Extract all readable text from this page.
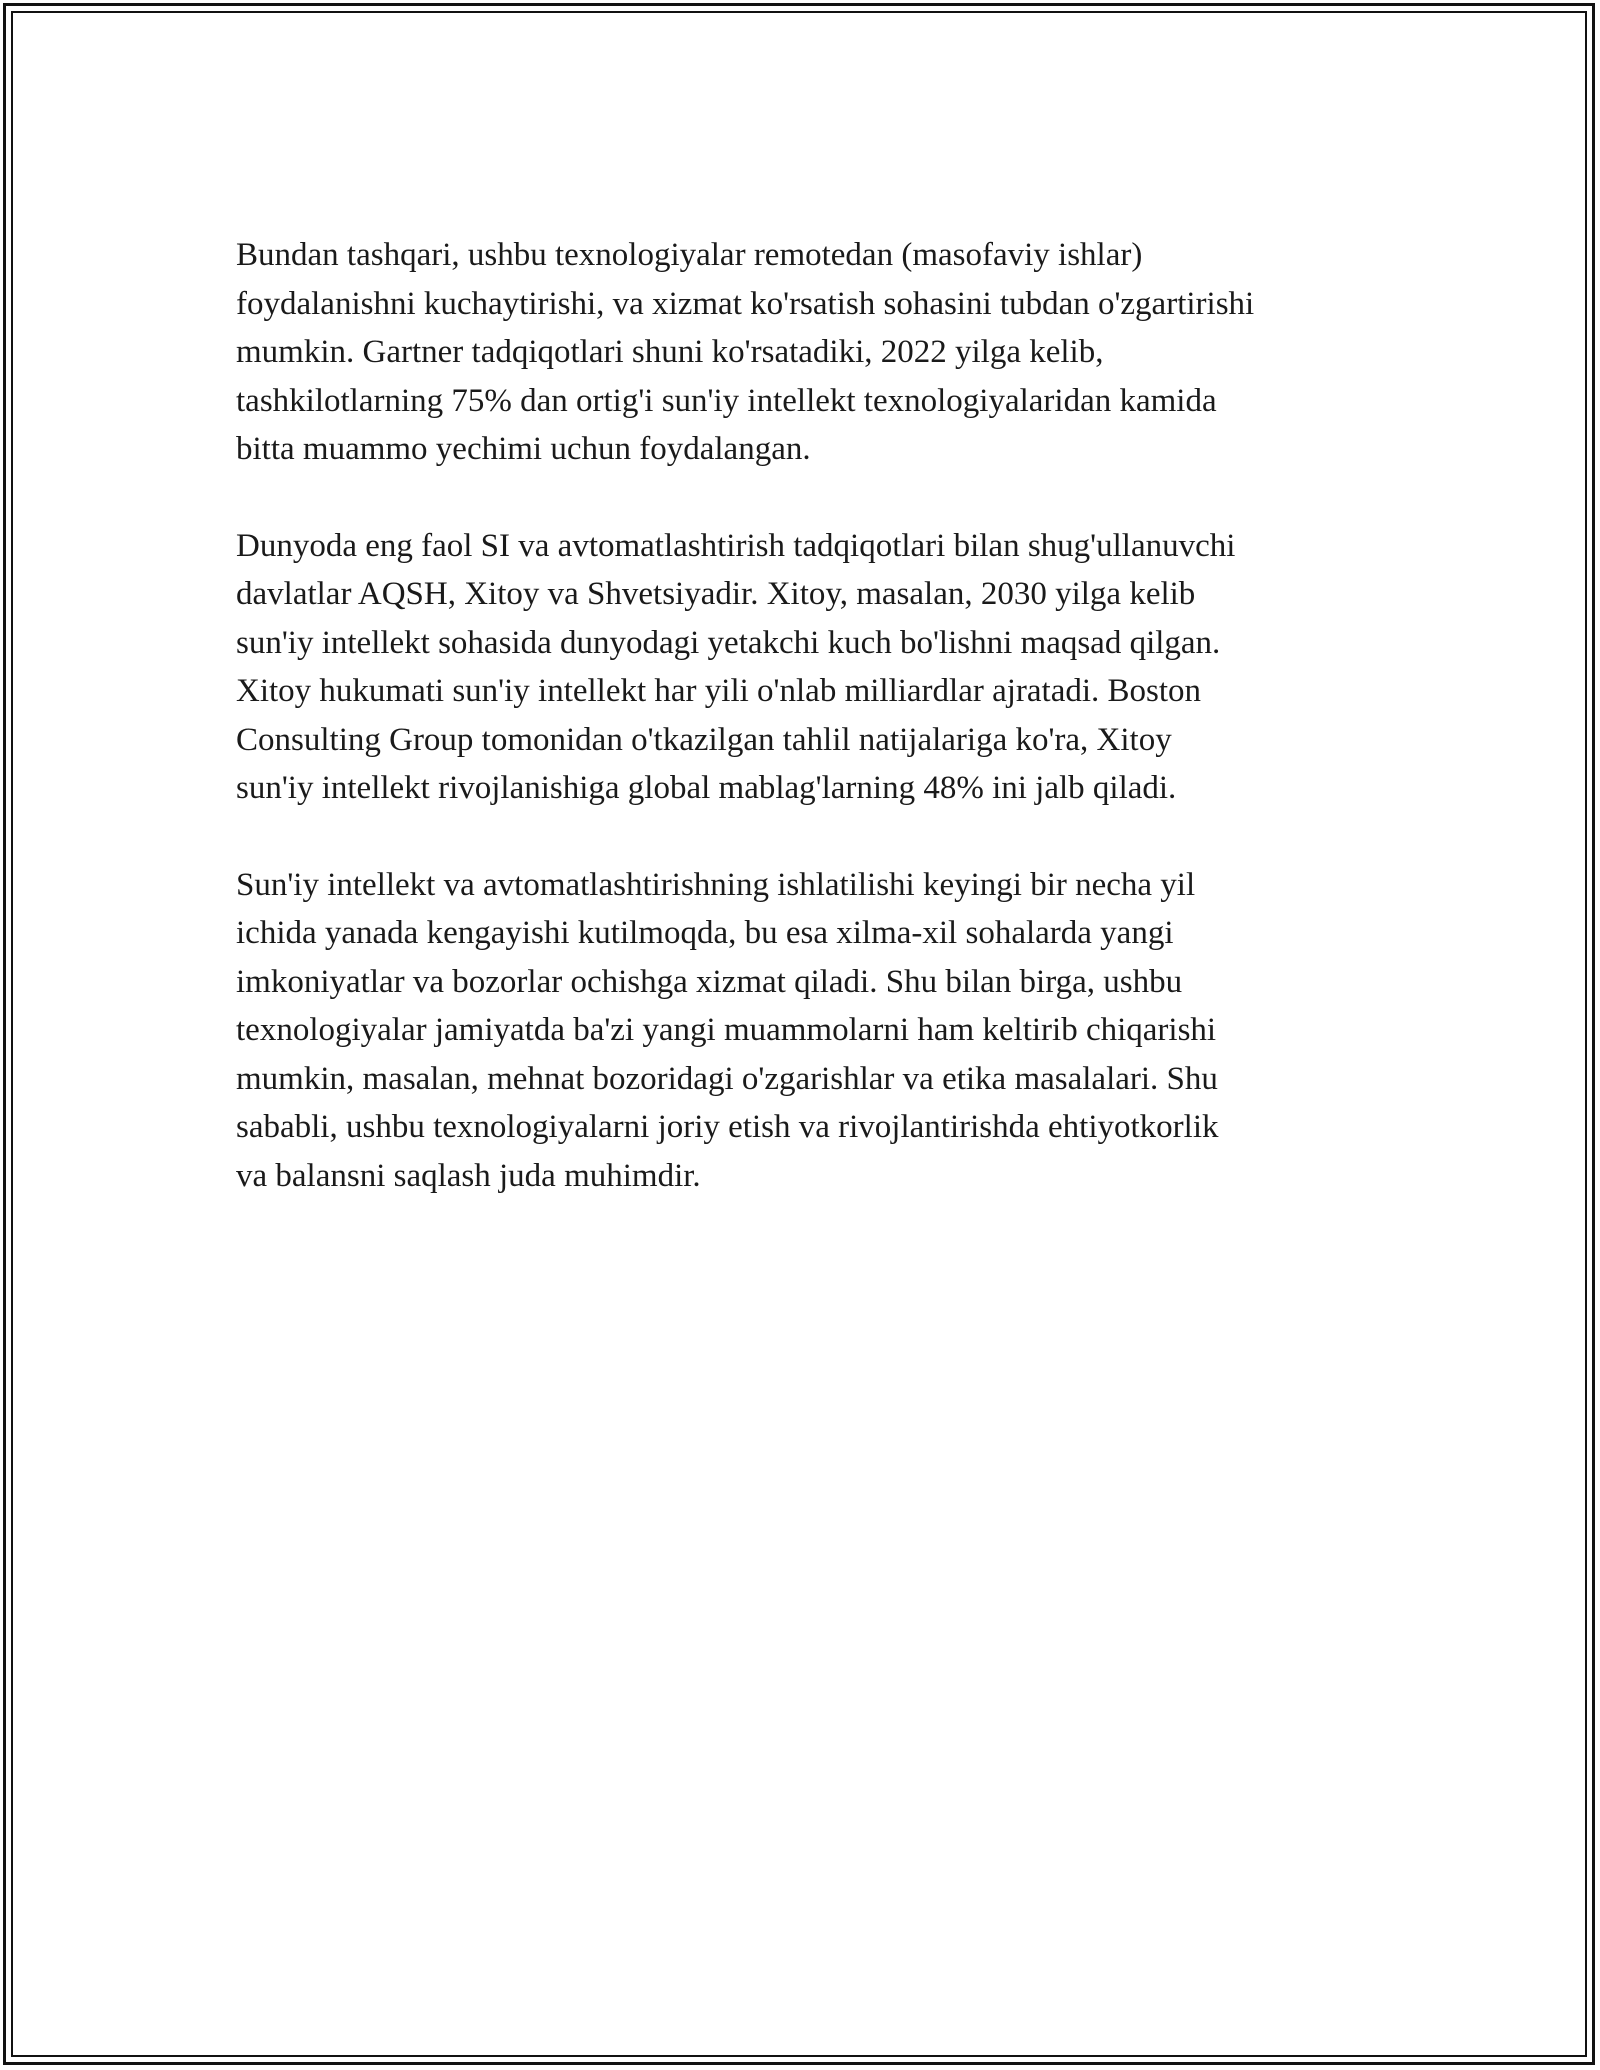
Bundan tashqari, ushbu texnologiyalar remotedan (masofaviy ishlar)
foydalanishni kuchaytirishi, va xizmat ko'rsatish sohasini tubdan o'zgartirishi
mumkin. Gartner tadqiqotlari shuni ko'rsatadiki, 2022 yilga kelib,
tashkilotlarning 75% dan ortig'i sun'iy intellekt texnologiyalaridan kamida
bitta muammo yechimi uchun foydalangan.

Dunyoda eng faol SI va avtomatlashtirish tadqiqotlari bilan shug'ullanuvchi
davlatlar AQSH, Xitoy va Shvetsiyadir. Xitoy, masalan, 2030 yilga kelib
sun'iy intellekt sohasida dunyodagi yetakchi kuch bo'lishni maqsad qilgan.
Xitoy hukumati sun'iy intellekt har yili o'nlab milliardlar ajratadi. Boston
Consulting Group tomonidan o'tkazilgan tahlil natijalariga ko'ra, Xitoy
sun'iy intellekt rivojlanishiga global mablag'larning 48% ini jalb qiladi.

Sun'iy intellekt va avtomatlashtirishning ishlatilishi keyingi bir necha yil
ichida yanada kengayishi kutilmoqda, bu esa xilma-xil sohalarda yangi
imkoniyatlar va bozorlar ochishga xizmat qiladi. Shu bilan birga, ushbu
texnologiyalar jamiyatda ba'zi yangi muammolarni ham keltirib chiqarishi
mumkin, masalan, mehnat bozoridagi o'zgarishlar va etika masalalari. Shu
sababli, ushbu texnologiyalarni joriy etish va rivojlantirishda ehtiyotkorlik
va balansni saqlash juda muhimdir.
